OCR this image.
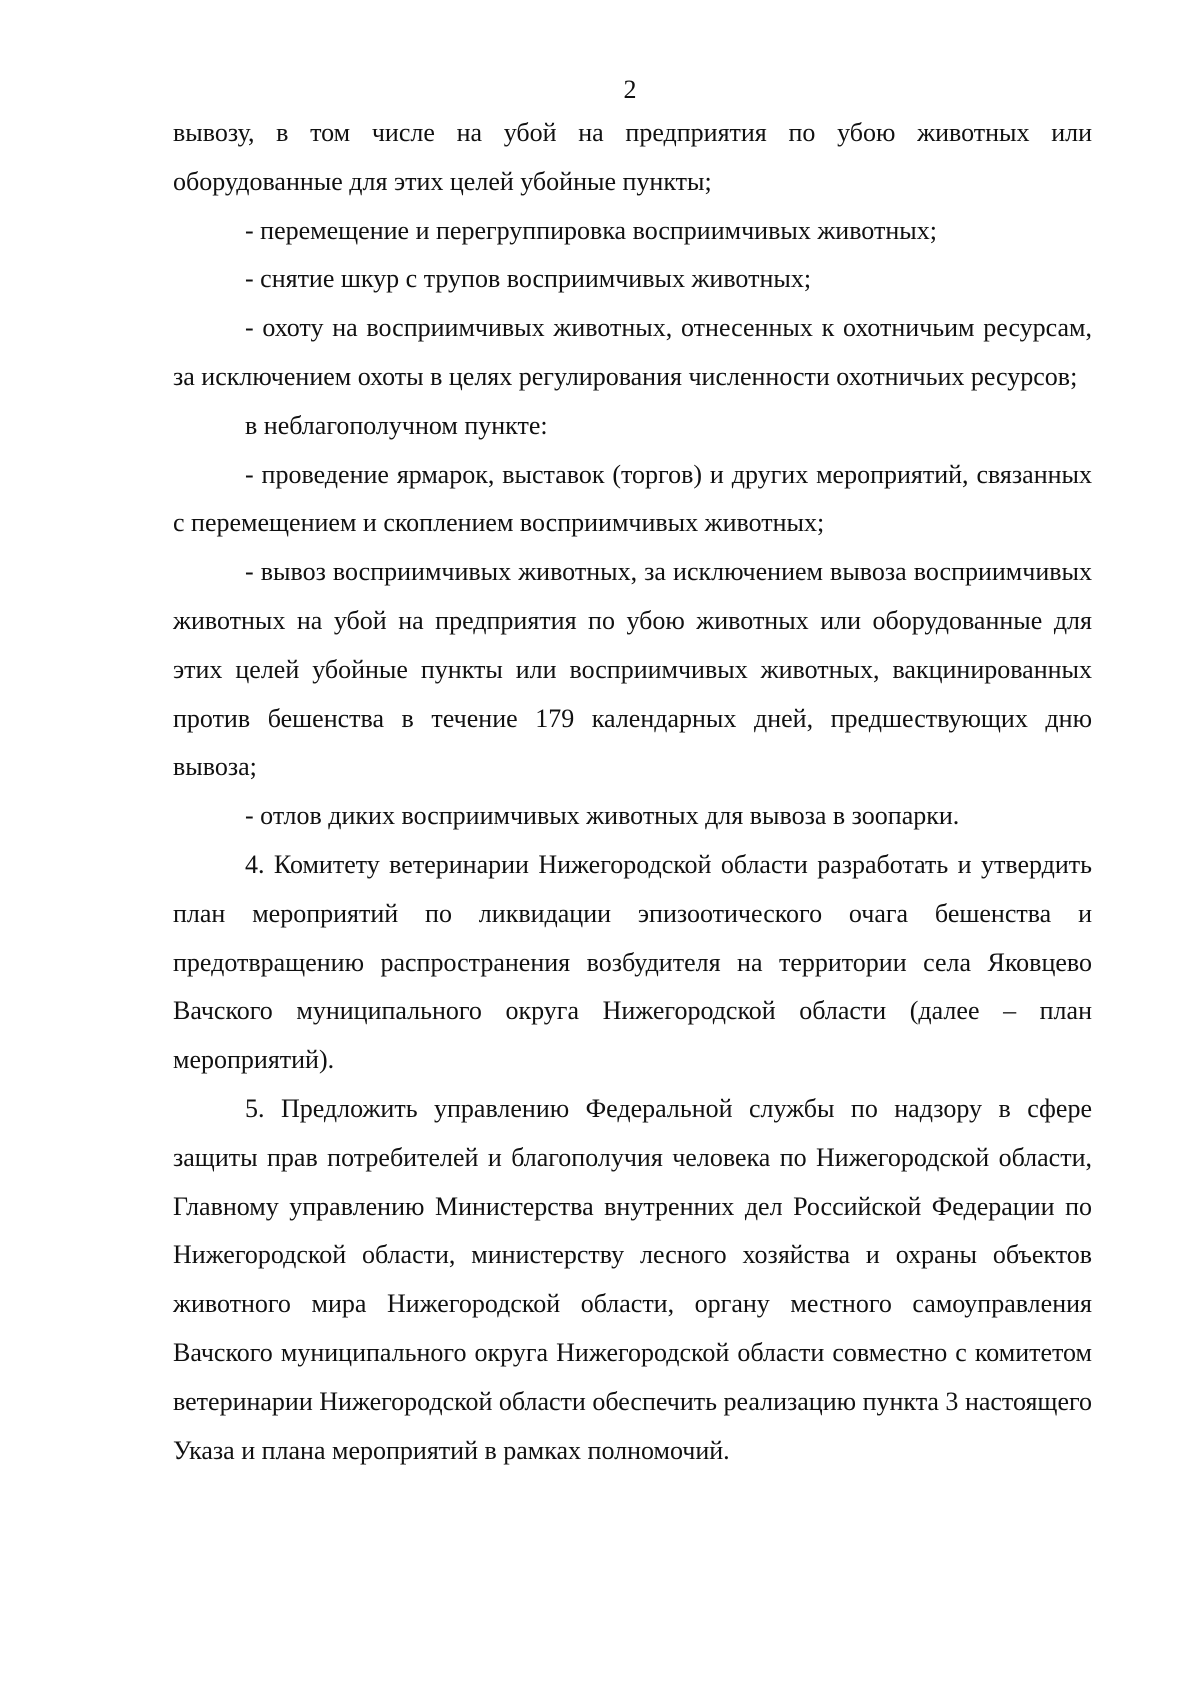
2

вывозу, в том числе на убой на предприятия по убою животных или оборудованные для этих целей убойные пункты;

- перемещение и перегруппировка восприимчивых животных;

- снятие шкур с трупов восприимчивых животных;

- охоту на восприимчивых животных, отнесенных к охотничьим ресурсам, за исключением охоты в целях регулирования численности охотничьих ресурсов;

в неблагополучном пункте:

- проведение ярмарок, выставок (торгов) и других мероприятий, связанных с перемещением и скоплением восприимчивых животных;

- вывоз восприимчивых животных, за исключением вывоза восприимчивых животных на убой на предприятия по убою животных или оборудованные для этих целей убойные пункты или восприимчивых животных, вакцинированных против бешенства в течение 179 календарных дней, предшествующих дню вывоза;

- отлов диких восприимчивых животных для вывоза в зоопарки.

4. Комитету ветеринарии Нижегородской области разработать и утвердить план мероприятий по ликвидации эпизоотического очага бешенства и предотвращению распространения возбудителя на территории села Яковцево Вачского муниципального округа Нижегородской области (далее – план мероприятий).

5. Предложить управлению Федеральной службы по надзору в сфере защиты прав потребителей и благополучия человека по Нижегородской области, Главному управлению Министерства внутренних дел Российской Федерации по Нижегородской области, министерству лесного хозяйства и охраны объектов животного мира Нижегородской области, органу местного самоуправления Вачского муниципального округа Нижегородской области совместно с комитетом ветеринарии Нижегородской области обеспечить реализацию пункта 3 настоящего Указа и плана мероприятий в рамках полномочий.
